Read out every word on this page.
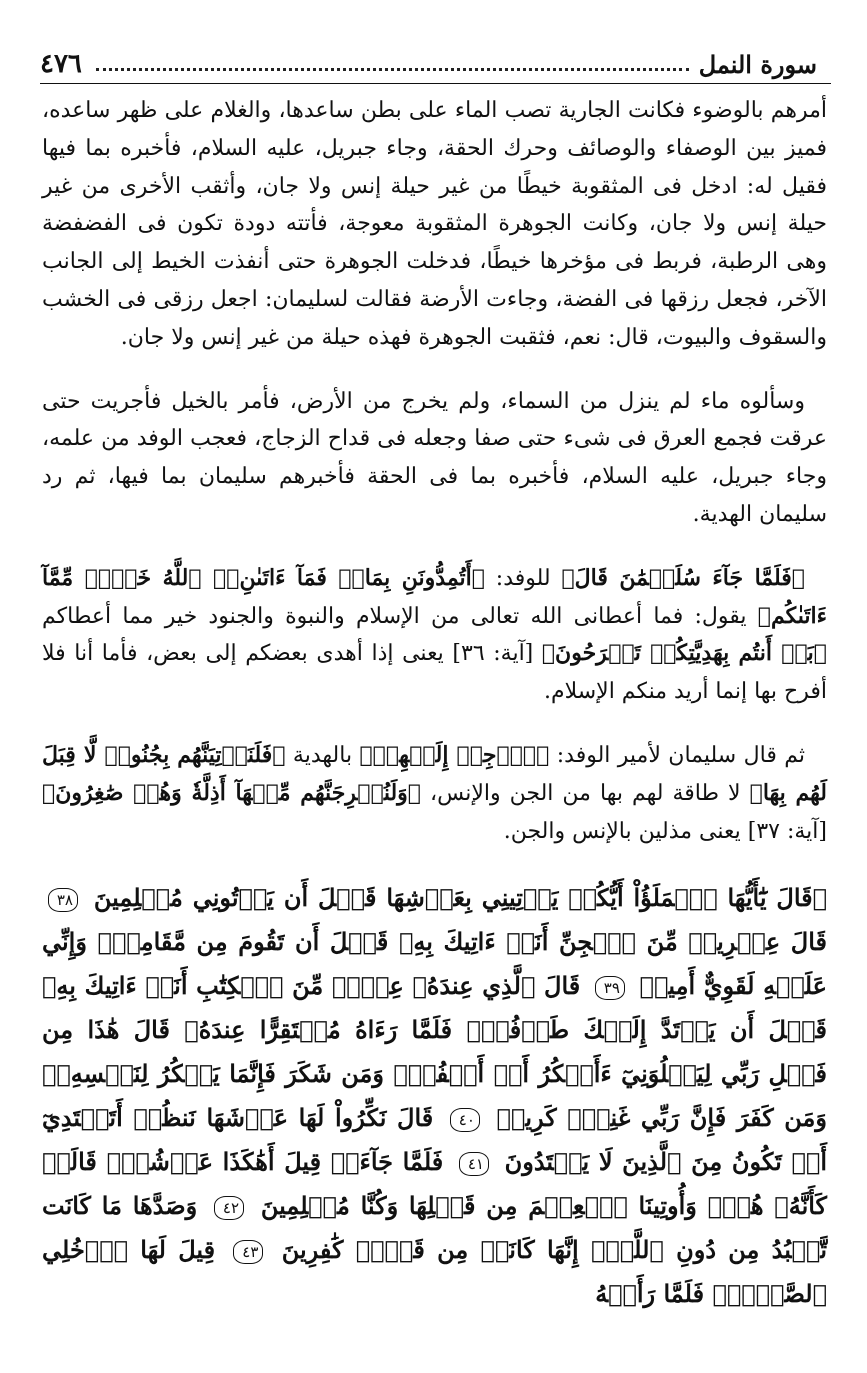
سورة النمل
٤٧٦

أمرهم بالوضوء فكانت الجارية تصب الماء على بطن ساعدها، والغلام على ظهر ساعده، فميز بين الوصفاء والوصائف وحرك الحقة، وجاء جبريل، عليه السلام، فأخبره بما فيها فقيل له: ادخل فى المثقوبة خيطًا من غير حيلة إنس ولا جان، وأثقب الأخرى من غير حيلة إنس ولا جان، وكانت الجوهرة المثقوبة معوجة، فأتته دودة تكون فى الفضفضة وهى الرطبة، فربط فى مؤخرها خيطًا، فدخلت الجوهرة حتى أنفذت الخيط إلى الجانب الآخر، فجعل رزقها فى الفضة، وجاءت الأرضة فقالت لسليمان: اجعل رزقى فى الخشب والسقوف والبيوت، قال: نعم، فثقبت الجوهرة فهذه حيلة من غير إنس ولا جان.

وسألوه ماء لم ينزل من السماء، ولم يخرج من الأرض، فأمر بالخيل فأجريت حتى عرقت فجمع العرق فى شىء حتى صفا وجعله فى قداح الزجاج، فعجب الوفد من علمه، وجاء جبريل، عليه السلام، فأخبره بما فى الحقة فأخبرهم سليمان بما فيها، ثم رد سليمان الهدية.

﴿فَلَمَّا جَآءَ سُلَيۡمَٰنَ قَالَ﴾ للوفد: ﴿أَتُمِدُّونَنِ بِمَالٖ فَمَآ ءَاتَىٰنِۦَ ٱللَّهُ خَيۡرٞ مِّمَّآ ءَاتَىٰكُم﴾ يقول: فما أعطانى الله تعالى من الإسلام والنبوة والجنود خير مما أعطاكم ﴿بَلۡ أَنتُم بِهَدِيَّتِكُمۡ تَفۡرَحُونَ﴾ [آية: ٣٦] يعنى إذا أهدى بعضكم إلى بعض، فأما أنا فلا أفرح بها إنما أريد منكم الإسلام.

ثم قال سليمان لأمير الوفد: ﴿ٱرۡجِعۡ إِلَيۡهِمۡ﴾ بالهدية ﴿فَلَنَأۡتِيَنَّهُم بِجُنُودٖ لَّا قِبَلَ لَهُم بِهَا﴾ لا طاقة لهم بها من الجن والإنس، ﴿وَلَنُخۡرِجَنَّهُم مِّنۡهَآ أَذِلَّةٗ وَهُمۡ صَٰغِرُونَ﴾ [آية: ٣٧] يعنى مذلين بالإنس والجن.

﴿قَالَ يَٰٓأَيُّهَا ٱلۡمَلَؤُاْ أَيُّكُمۡ يَأۡتِينِي بِعَرۡشِهَا قَبۡلَ أَن يَأۡتُونِي مُسۡلِمِينَ ٣٨ قَالَ عِفۡرِيتٞ مِّنَ ٱلۡجِنِّ أَنَا۠ ءَاتِيكَ بِهِۦ قَبۡلَ أَن تَقُومَ مِن مَّقَامِكَۖ وَإِنِّي عَلَيۡهِ لَقَوِيٌّ أَمِينٞ ٣٩ قَالَ ٱلَّذِي عِندَهُۥ عِلۡمٞ مِّنَ ٱلۡكِتَٰبِ أَنَا۠ ءَاتِيكَ بِهِۦ قَبۡلَ أَن يَرۡتَدَّ إِلَيۡكَ طَرۡفُكَۚ فَلَمَّا رَءَاهُ مُسۡتَقِرًّا عِندَهُۥ قَالَ هَٰذَا مِن فَضۡلِ رَبِّي لِيَبۡلُوَنِيٓ ءَأَشۡكُرُ أَمۡ أَكۡفُرُۖ وَمَن شَكَرَ فَإِنَّمَا يَشۡكُرُ لِنَفۡسِهِۦۖ وَمَن كَفَرَ فَإِنَّ رَبِّي غَنِيّٞ كَرِيمٞ ٤٠ قَالَ نَكِّرُواْ لَهَا عَرۡشَهَا نَنظُرۡ أَتَهۡتَدِيٓ أَمۡ تَكُونُ مِنَ ٱلَّذِينَ لَا يَهۡتَدُونَ ٤١ فَلَمَّا جَآءَتۡ قِيلَ أَهَٰكَذَا عَرۡشُكِۖ قَالَتۡ كَأَنَّهُۥ هُوَۚ وَأُوتِينَا ٱلۡعِلۡمَ مِن قَبۡلِهَا وَكُنَّا مُسۡلِمِينَ ٤٢ وَصَدَّهَا مَا كَانَت تَّعۡبُدُ مِن دُونِ ٱللَّهِۖ إِنَّهَا كَانَتۡ مِن قَوۡمٖ كَٰفِرِينَ ٤٣ قِيلَ لَهَا ٱدۡخُلِي ٱلصَّرۡحَۖ فَلَمَّا رَأَتۡهُ
